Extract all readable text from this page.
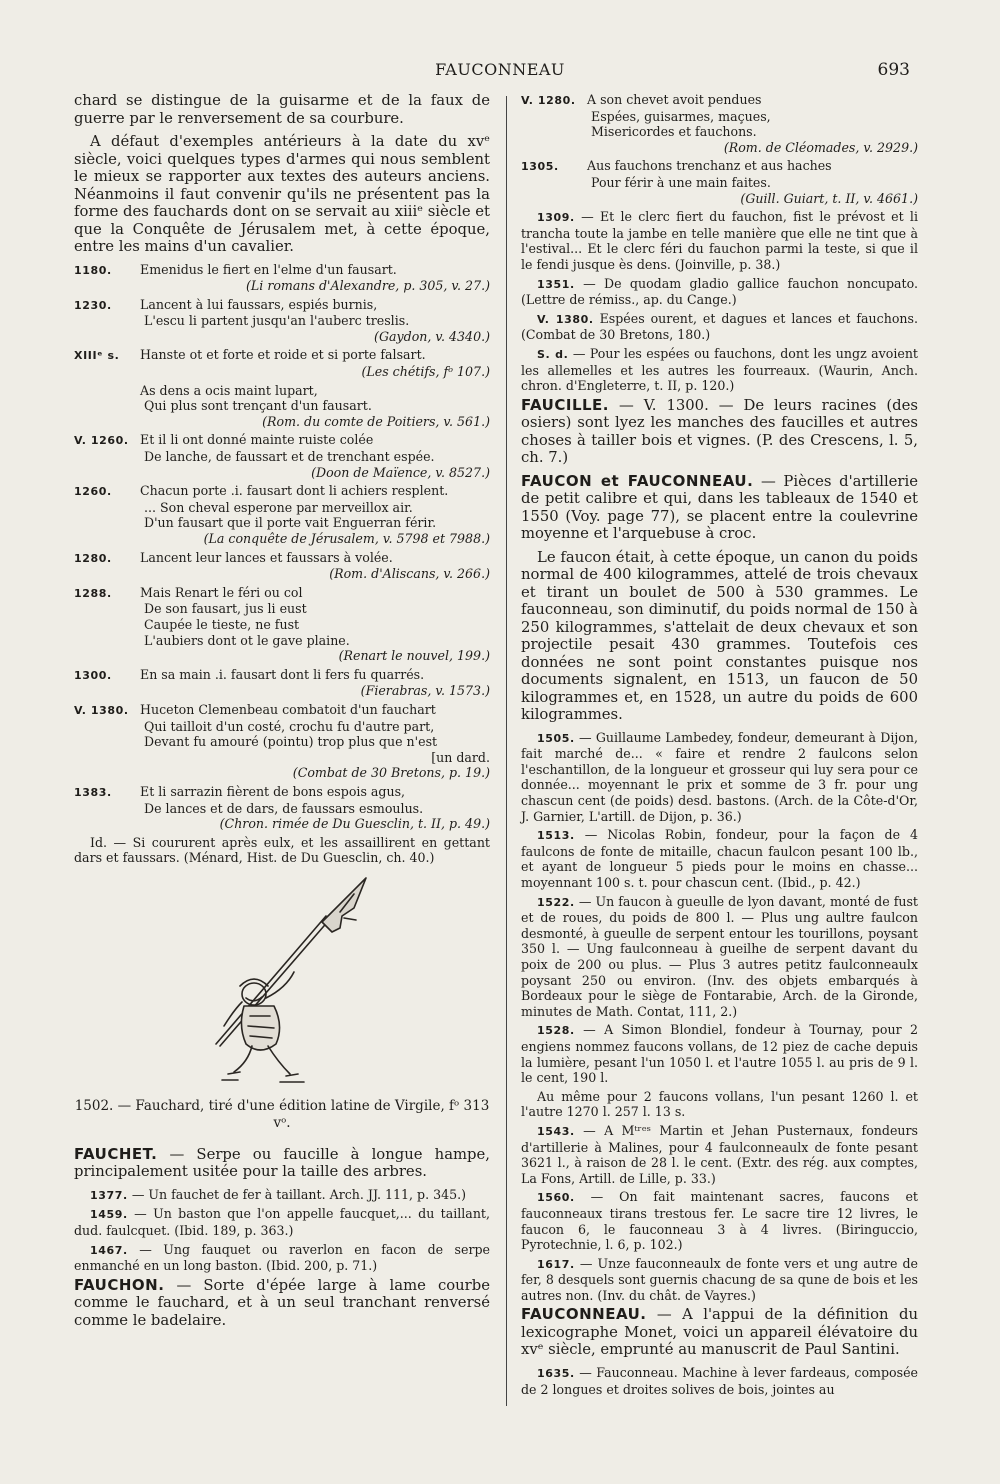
FAUCONNEAU	693

chard se distingue de la guisarme et de la faux de guerre par le renversement de sa courbure.

A défaut d'exemples antérieurs à la date du xvᵉ siècle, voici quelques types d'armes qui nous semblent le mieux se rapporter aux textes des auteurs anciens. Néanmoins il faut convenir qu'ils ne présentent pas la forme des fauchards dont on se servait au xiiiᵉ siècle et que la Conquête de Jérusalem met, à cette époque, entre les mains d'un cavalier.

1180. Emenidus le fiert en l'elme d'un fausart.
(Li romans d'Alexandre, p. 305, v. 27.)
1230. Lancent à lui faussars, espiés burnis,
L'escu li partent jusqu'an l'auberc treslis.
(Gaydon, v. 4340.)
XIIIᵉ s. Hanste ot et forte et roide et si porte falsart.
(Les chétifs, fᵒ 107.)
As dens a ocis maint lupart,
Qui plus sont trençant d'un fausart.
(Rom. du comte de Poitiers, v. 561.)
V. 1260. Et il li ont donné mainte ruiste colée
De lanche, de faussart et de trenchant espée.
(Doon de Maïence, v. 8527.)
1260. Chacun porte .i. fausart dont li achiers resplent.
... Son cheval esperone par merveillox air.
D'un fausart que il porte vait Enguerran férir.
(La conquête de Jérusalem, v. 5798 et 7988.)
1280. Lancent leur lances et faussars à volée.
(Rom. d'Aliscans, v. 266.)
1288. Mais Renart le féri ou col
De son fausart, jus li eust
Caupée le tieste, ne fust
L'aubiers dont ot le gave plaine.
(Renart le nouvel, 199.)
1300. En sa main .i. fausart dont li fers fu quarrés.
(Fierabras, v. 1573.)
V. 1380. Huceton Clemenbeau combatoit d'un fauchart
Qui tailloit d'un costé, crochu fu d'autre part,
Devant fu amouré (pointu) trop plus que n'est
[un dard.
(Combat de 30 Bretons, p. 19.)
1383. Et li sarrazin fièrent de bons espois agus,
De lances et de dars, de faussars esmoulus.
(Chron. rimée de Du Guesclin, t. II, p. 49.)

Id. — Si coururent après eulx, et les assaillirent en gettant dars et faussars. (Ménard, Hist. de Du Guesclin, ch. 40.)

1502. — Fauchard, tiré d'une édition latine de Virgile, fᵒ 313 vᵒ.

FAUCHET. — Serpe ou faucille à longue hampe, principalement usitée pour la taille des arbres.

1377. — Un fauchet de fer à taillant. Arch. JJ. 111, p. 345.)

1459. — Un baston que l'on appelle faucquet,... du taillant, dud. faulcquet. (Ibid. 189, p. 363.)

1467. — Ung fauquet ou raverlon en facon de serpe enmanché en un long baston. (Ibid. 200, p. 71.)

FAUCHON. — Sorte d'épée large à lame courbe comme le fauchard, et à un seul tranchant renversé comme le badelaire.

V. 1280. A son chevet avoit pendues
Espées, guisarmes, maçues,
Misericordes et fauchons.
(Rom. de Cléomades, v. 2929.)
1305. Aus fauchons trenchanz et aus haches
Pour férir à une main faites.
(Guill. Guiart, t. II, v. 4661.)

1309. — Et le clerc fiert du fauchon, fist le prévost et li trancha toute la jambe en telle manière que elle ne tint que à l'estival... Et le clerc féri du fauchon parmi la teste, si que il le fendi jusque ès dens. (Joinville, p. 38.)

1351. — De quodam gladio gallice fauchon noncupato. (Lettre de rémiss., ap. du Cange.)

V. 1380. Espées ourent, et dagues et lances et fauchons. (Combat de 30 Bretons, 180.)

S. d. — Pour les espées ou fauchons, dont les ungz avoient les allemelles et les autres les fourreaux. (Waurin, Anch. chron. d'Engleterre, t. II, p. 120.)

FAUCILLE. — V. 1300. — De leurs racines (des osiers) sont lyez les manches des faucilles et autres choses à tailler bois et vignes. (P. des Crescens, l. 5, ch. 7.)

FAUCON et FAUCONNEAU. — Pièces d'artillerie de petit calibre et qui, dans les tableaux de 1540 et 1550 (Voy. page 77), se placent entre la coulevrine moyenne et l'arquebuse à croc.

Le faucon était, à cette époque, un canon du poids normal de 400 kilogrammes, attelé de trois chevaux et tirant un boulet de 500 à 530 grammes. Le fauconneau, son diminutif, du poids normal de 150 à 250 kilogrammes, s'attelait de deux chevaux et son projectile pesait 430 grammes. Toutefois ces données ne sont point constantes puisque nos documents signalent, en 1513, un faucon de 50 kilogrammes et, en 1528, un autre du poids de 600 kilogrammes.

1505. — Guillaume Lambedey, fondeur, demeurant à Dijon, fait marché de... « faire et rendre 2 faulcons selon l'eschantillon, de la longueur et grosseur qui luy sera pour ce donnée... moyennant le prix et somme de 3 fr. pour ung chascun cent (de poids) desd. bastons. (Arch. de la Côte-d'Or, J. Garnier, L'artill. de Dijon, p. 36.)

1513. — Nicolas Robin, fondeur, pour la façon de 4 faulcons de fonte de mitaille, chacun faulcon pesant 100 lb., et ayant de longueur 5 pieds pour le moins en chasse... moyennant 100 s. t. pour chascun cent. (Ibid., p. 42.)

1522. — Un faucon à gueulle de lyon davant, monté de fust et de roues, du poids de 800 l. — Plus ung aultre faulcon desmonté, à gueulle de serpent entour les tourillons, poysant 350 l. — Ung faulconneau à gueilhe de serpent davant du poix de 200 ou plus. — Plus 3 autres petitz faulconneaulx poysant 250 ou environ. (Inv. des objets embarqués à Bordeaux pour le siège de Fontarabie, Arch. de la Gironde, minutes de Math. Contat, 111, 2.)

1528. — A Simon Blondiel, fondeur à Tournay, pour 2 engiens nommez faucons vollans, de 12 piez de cache depuis la lumière, pesant l'un 1050 l. et l'autre 1055 l. au pris de 9 l. le cent, 190 l.

Au même pour 2 faucons vollans, l'un pesant 1260 l. et l'autre 1270 l. 257 l. 13 s.

1543. — A Mᵗʳᵉˢ Martin et Jehan Pusternaux, fondeurs d'artillerie à Malines, pour 4 faulconneaulx de fonte pesant 3621 l., à raison de 28 l. le cent. (Extr. des rég. aux comptes, La Fons, Artill. de Lille, p. 33.)

1560. — On fait maintenant sacres, faucons et fauconneaux tirans trestous fer. Le sacre tire 12 livres, le faucon 6, le fauconneau 3 à 4 livres. (Biringuccio, Pyrotechnie, l. 6, p. 102.)

1617. — Unze fauconneaulx de fonte vers et ung autre de fer, 8 desquels sont guernis chacung de sa qune de bois et les autres non. (Inv. du chât. de Vayres.)

FAUCONNEAU. — A l'appui de la définition du lexicographe Monet, voici un appareil élévatoire du xvᵉ siècle, emprunté au manuscrit de Paul Santini.

1635. — Fauconneau. Machine à lever fardeaus, composée de 2 longues et droites solives de bois, jointes au
